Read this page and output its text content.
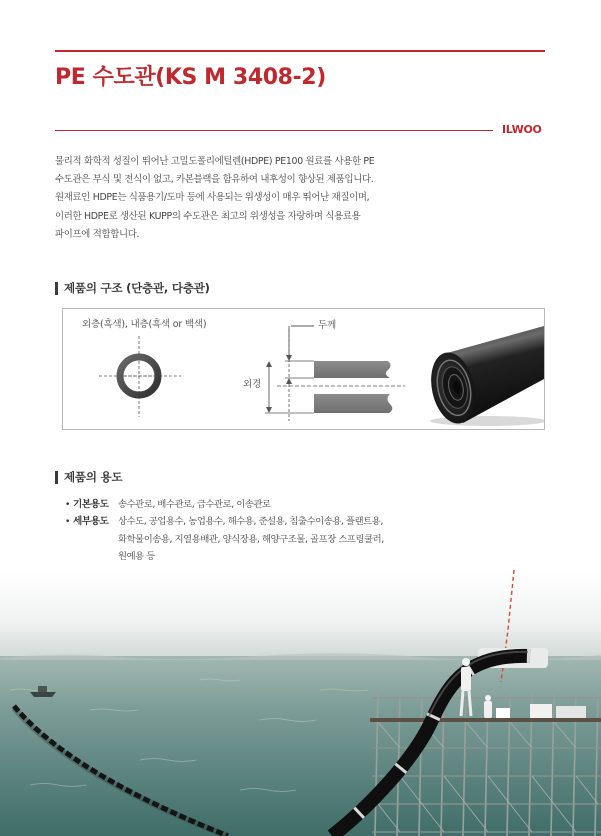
PE 수도관(KS M 3408-2)
ILWOO
물리적 화학적 성질이 뛰어난 고밀도폴리에틸렌(HDPE) PE100 원료를 사용한 PE
수도관은 부식 및 전식이 없고, 카본블랙을 함유하여 내후성이 향상된 제품입니다.
원재료인 HDPE는 식품용기/도마 등에 사용되는 위생성이 매우 뛰어난 재질이며,
이러한 HDPE로 생산된 KUPP의 수도관은 최고의 위생성을 자랑하며 식용료용
파이프에 적합합니다.
제품의 구조 (단층관, 다층관)
외층(흑색), 내층(흑색 or 백색)	두께
외경
제품의 용도
• 기본용도 송수관로, 배수관로, 급수관로, 이송관로
• 세부용도 상수도, 공업용수, 농업용수, 해수용, 준설용, 침출수이송용, 플랜트용,
화학물이송용, 지열용배관, 양식장용, 해양구조물, 골프장 스프링쿨러,
원예용 등
